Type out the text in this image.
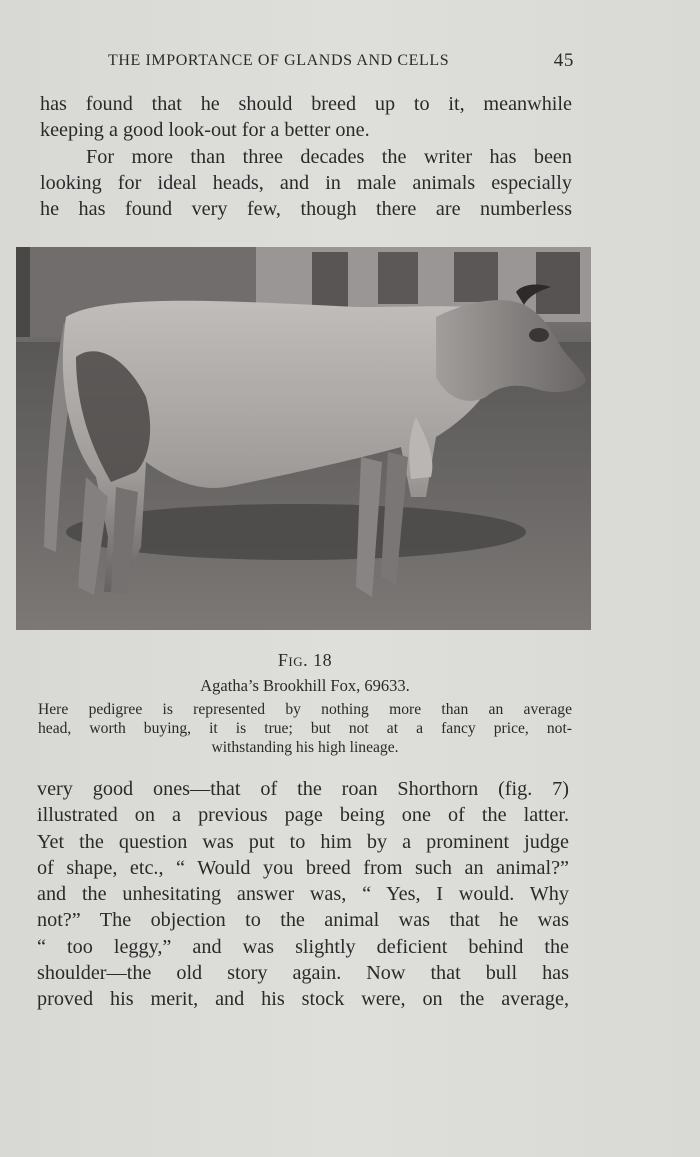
THE IMPORTANCE OF GLANDS AND CELLS	45
has found that he should breed up to it, meanwhile
keeping a good look-out for a better one.
For more than three decades the writer has been
looking for ideal heads, and in male animals especially
he has found very few, though there are numberless
Fig. 18
Agatha’s Brookhill Fox, 69633.
Here pedigree is represented by nothing more than an average
head, worth buying, it is true; but not at a fancy price, not-
withstanding his high lineage.
very good ones—that of the roan Shorthorn (fig. 7)
illustrated on a previous page being one of the latter.
Yet the question was put to him by a prominent judge
of shape, etc., “ Would you breed from such an animal?”
and the unhesitating answer was, “ Yes, I would. Why
not?” The objection to the animal was that he was
“ too leggy,” and was slightly deficient behind the
shoulder—the old story again. Now that bull has
proved his merit, and his stock were, on the average,
